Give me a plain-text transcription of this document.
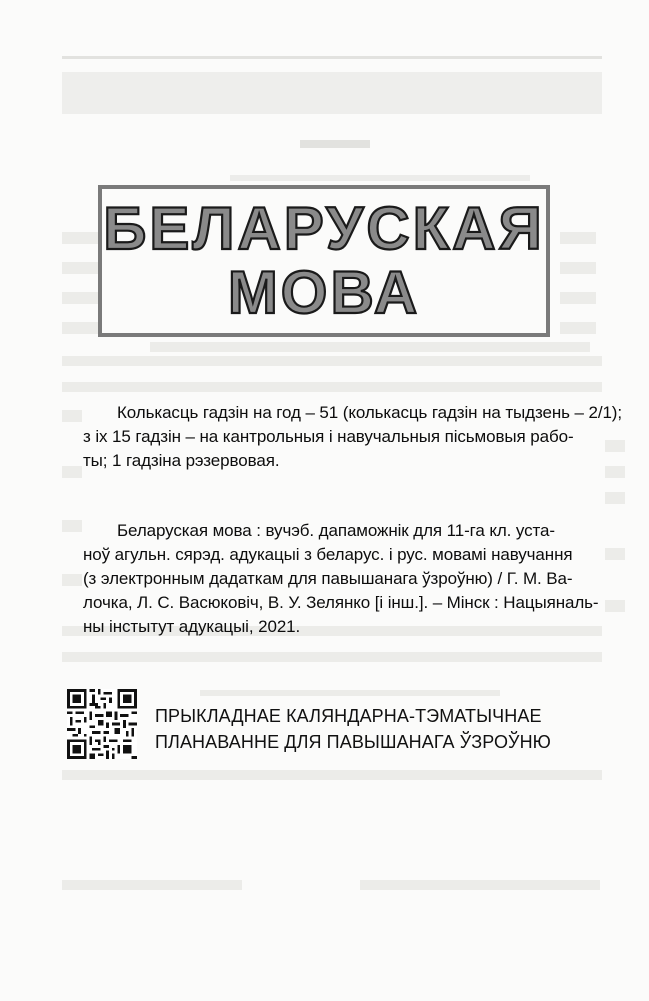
БЕЛАРУСКАЯ
МОВА
Колькасць гадзін на год – 51 (колькасць гадзін на тыдзень – 2/1);
з іх 15 гадзін – на кантрольныя і навучальныя пісьмовыя рабо-
ты; 1 гадзіна рэзервовая.
Беларуская мова : вучэб. дапаможнік для 11-га кл. уста-
ноў агульн. сярэд. адукацыі з беларус. і рус. мовамі навучання
(з электронным дадаткам для павышанага ўзроўню) / Г. М. Ва-
лочка, Л. С. Васюковіч, В. У. Зелянко [і інш.]. – Мінск : Нацыяналь-
ны інстытут адукацыі, 2021.
ПРЫКЛАДНАЕ КАЛЯНДАРНА-ТЭМАТЫЧНАЕ
ПЛАНАВАННЕ ДЛЯ ПАВЫШАНАГА ЎЗРОЎНЮ
